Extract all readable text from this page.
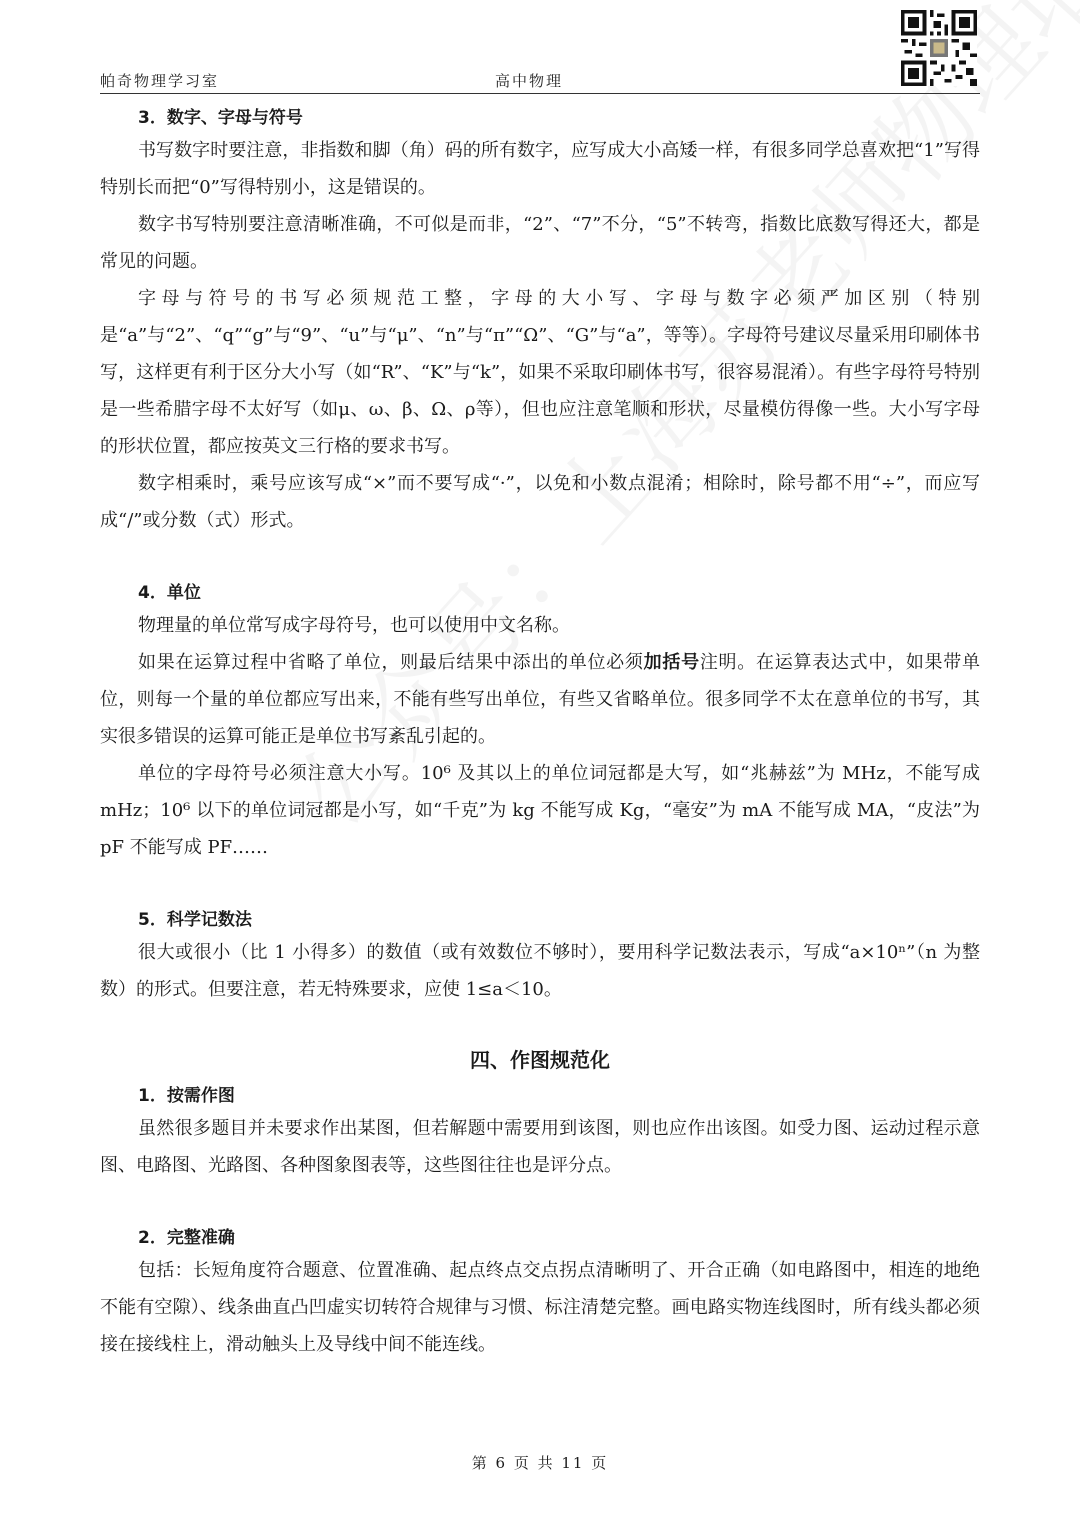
帕奇物理学习室	高中物理

3．数字、字母与符号

书写数字时要注意，非指数和脚（角）码的所有数字，应写成大小高矮一样，有很多同学总喜欢把“1”写得特别长而把“0”写得特别小，这是错误的。

数字书写特别要注意清晰准确，不可似是而非，“2”、“7”不分，“5”不转弯，指数比底数写得还大，都是常见的问题。

字母与符号的书写必须规范工整，字母的大小写、字母与数字必须严加区别（特别是“a”与“2”、“q”“g”与“9”、“u”与“μ”、“n”与“π”“Ω”、“G”与“a”，等等）。字母符号建议尽量采用印刷体书写，这样更有利于区分大小写（如“R”、“K”与“k”，如果不采取印刷体书写，很容易混淆）。有些字母符号特别是一些希腊字母不太好写（如μ、ω、β、Ω、ρ等），但也应注意笔顺和形状，尽量模仿得像一些。大小写字母的形状位置，都应按英文三行格的要求书写。

数字相乘时，乘号应该写成“×”而不要写成“·”，以免和小数点混淆；相除时，除号都不用“÷”，而应写成“/”或分数（式）形式。

4．单位

物理量的单位常写成字母符号，也可以使用中文名称。

如果在运算过程中省略了单位，则最后结果中添出的单位必须加括号注明。在运算表达式中，如果带单位，则每一个量的单位都应写出来，不能有些写出单位，有些又省略单位。很多同学不太在意单位的书写，其实很多错误的运算可能正是单位书写紊乱引起的。

单位的字母符号必须注意大小写。10⁶ 及其以上的单位词冠都是大写，如“兆赫兹”为 MHz，不能写成 mHz；10⁶ 以下的单位词冠都是小写，如“千克”为 kg 不能写成 Kg，“毫安”为 mA 不能写成 MA，“皮法”为 pF 不能写成 PF……

5．科学记数法

很大或很小（比 1 小得多）的数值（或有效数位不够时），要用科学记数法表示，写成“a×10ⁿ”（n 为整数）的形式。但要注意，若无特殊要求，应使 1≤a＜10。

四、作图规范化

1．按需作图

虽然很多题目并未要求作出某图，但若解题中需要用到该图，则也应作出该图。如受力图、运动过程示意图、电路图、光路图、各种图象图表等，这些图往往也是评分点。

2．完整准确

包括：长短角度符合题意、位置准确、起点终点交点拐点清晰明了、开合正确（如电路图中，相连的地绝不能有空隙）、线条曲直凸凹虚实切转符合规律与习惯、标注清楚完整。画电路实物连线图时，所有线头都必须接在接线柱上，滑动触头上及导线中间不能连线。

第 6 页 共 11 页
